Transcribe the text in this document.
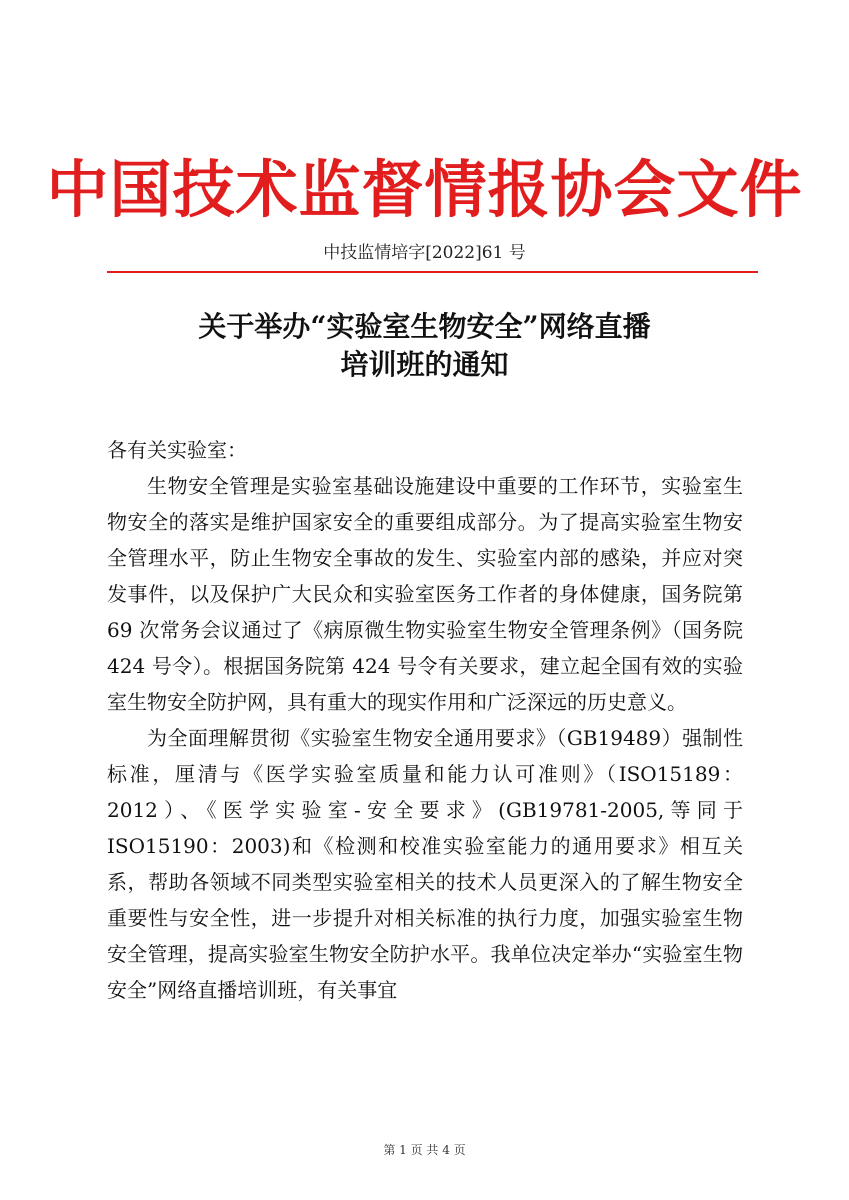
中国技术监督情报协会文件
中技监情培字[2022]61 号
关于举办“实验室生物安全”网络直播
培训班的通知
各有关实验室：

生物安全管理是实验室基础设施建设中重要的工作环节，实验室生物安全的落实是维护国家安全的重要组成部分。为了提高实验室生物安全管理水平，防止生物安全事故的发生、实验室内部的感染，并应对突发事件，以及保护广大民众和实验室医务工作者的身体健康，国务院第 69 次常务会议通过了《病原微生物实验室生物安全管理条例》（国务院 424 号令）。根据国务院第 424 号令有关要求，建立起全国有效的实验室生物安全防护网，具有重大的现实作用和广泛深远的历史意义。

为全面理解贯彻《实验室生物安全通用要求》（GB19489）强制性标准，厘清与《医学实验室质量和能力认可准则》（ISO15189：2012）、《医学实验室-安全要求》(GB19781-2005,等同于 ISO15190：2003)和《检测和校准实验室能力的通用要求》相互关系，帮助各领域不同类型实验室相关的技术人员更深入的了解生物安全重要性与安全性，进一步提升对相关标准的执行力度，加强实验室生物安全管理，提高实验室生物安全防护水平。我单位决定举办“实验室生物安全”网络直播培训班，有关事宜

第 1 页 共 4 页
